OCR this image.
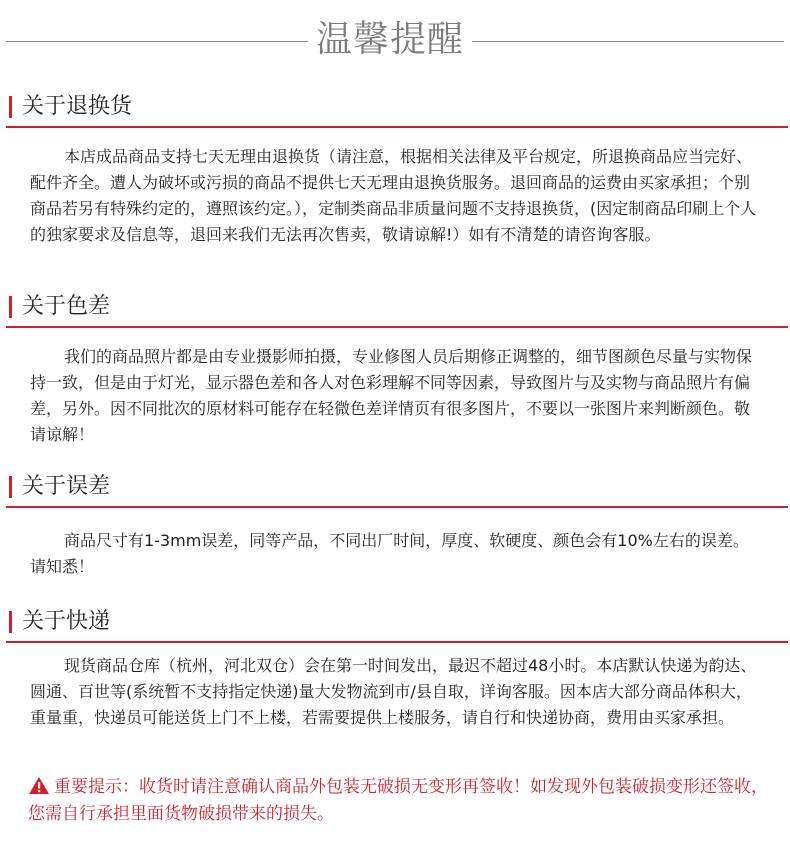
温馨提醒
关于退换货
本店成品商品支持七天无理由退换货（请注意，根据相关法律及平台规定，所退换商品应当完好、配件齐全。遭人为破坏或污损的商品不提供七天无理由退换货服务。退回商品的运费由买家承担；个别商品若另有特殊约定的，遵照该约定。），定制类商品非质量问题不支持退换货，(因定制商品印刷上个人的独家要求及信息等，退回来我们无法再次售卖，敬请谅解!）如有不清楚的请咨询客服。
关于色差
我们的商品照片都是由专业摄影师拍摄，专业修图人员后期修正调整的，细节图颜色尽量与实物保持一致，但是由于灯光，显示器色差和各人对色彩理解不同等因素，导致图片与及实物与商品照片有偏差，另外。因不同批次的原材料可能存在轻微色差详情页有很多图片，不要以一张图片来判断颜色。敬请谅解！
关于误差
商品尺寸有1-3mm误差，同等产品，不同出厂时间，厚度、软硬度、颜色会有10%左右的误差。请知悉！
关于快递
现货商品仓库（杭州，河北双仓）会在第一时间发出，最迟不超过48小时。本店默认快递为韵达、圆通、百世等(系统暂不支持指定快递)量大发物流到市/县自取，详询客服。因本店大部分商品体积大，重量重，快递员可能送货上门不上楼，若需要提供上楼服务，请自行和快递协商，费用由买家承担。
重要提示：收货时请注意确认商品外包装无破损无变形再签收！如发现外包装破损变形还签收，您需自行承担里面货物破损带来的损失。
